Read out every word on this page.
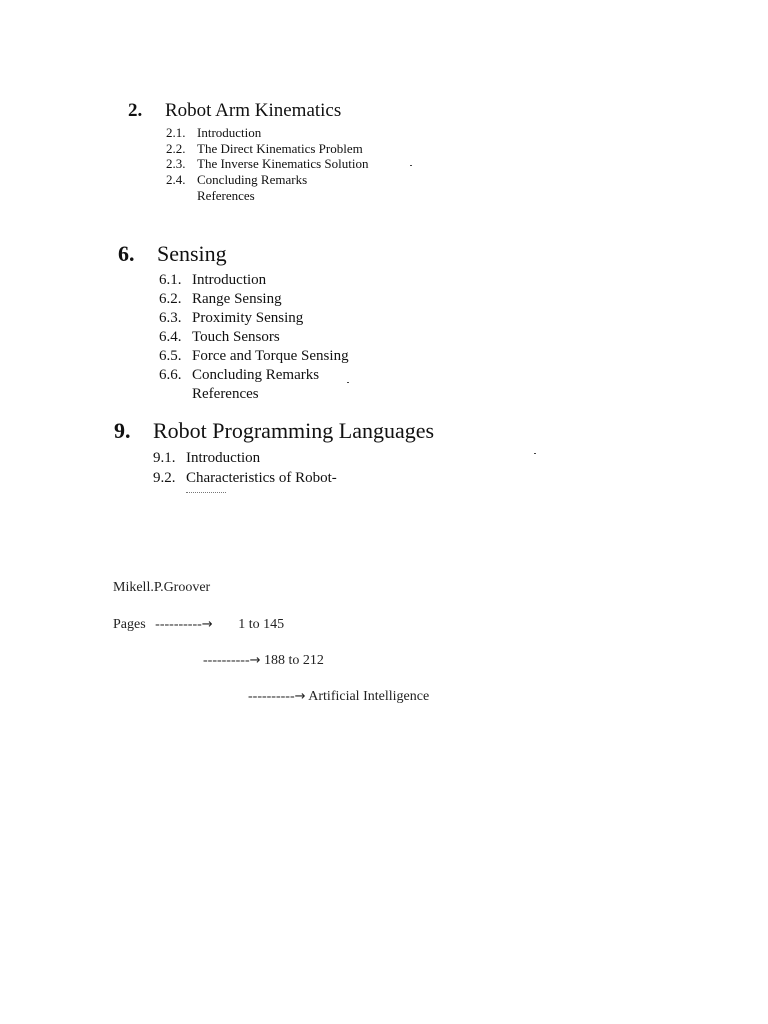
2. Robot Arm Kinematics
2.1. Introduction
2.2. The Direct Kinematics Problem
2.3. The Inverse Kinematics Solution
2.4. Concluding Remarks
References
6. Sensing
6.1. Introduction
6.2. Range Sensing
6.3. Proximity Sensing
6.4. Touch Sensors
6.5. Force and Torque Sensing
6.6. Concluding Remarks
References
9. Robot Programming Languages
9.1. Introduction
9.2. Characteristics of Robot-
Mikell.P.Groover
Pages ----------→ 1 to 145
----------→ 188 to 212
----------→ Artificial Intelligence
